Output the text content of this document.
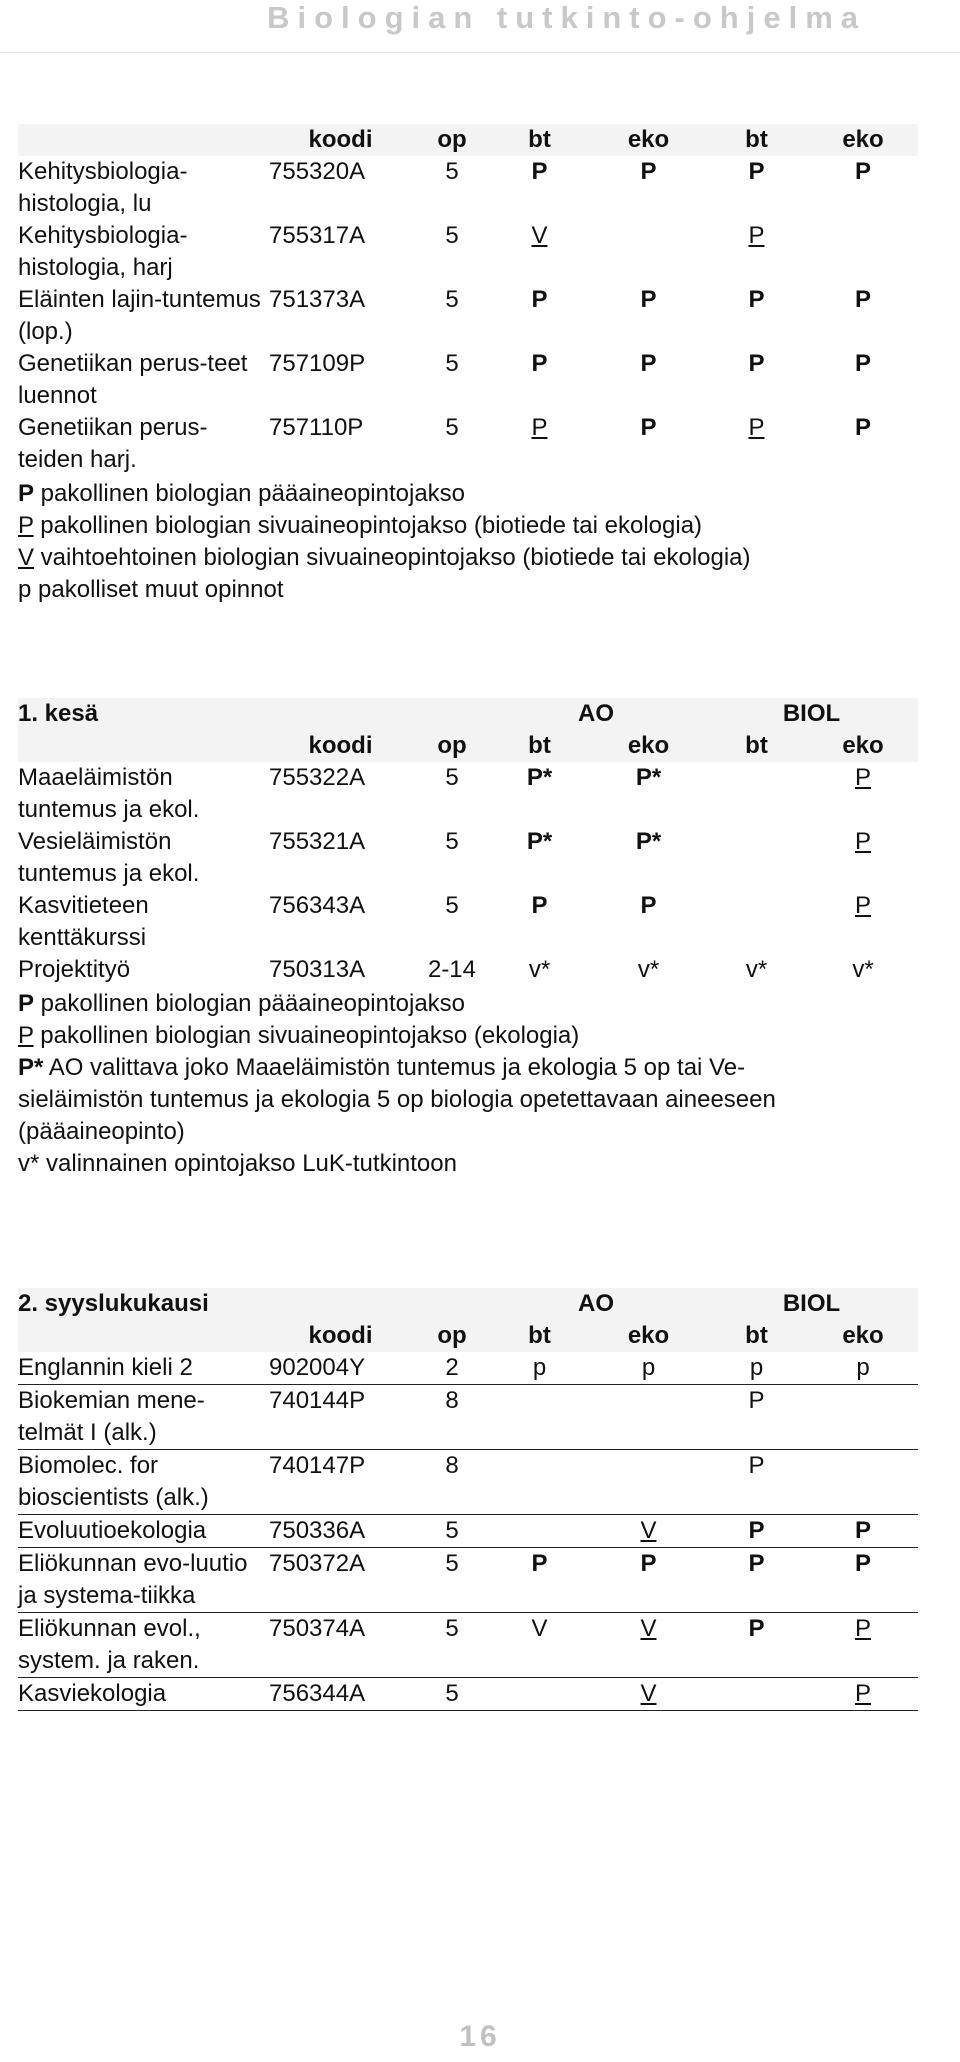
Biologian tutkinto-ohjelma
	koodi	op	bt	eko	bt	eko
Kehitysbiologia-histologia, lu	755320A	5	P	P	P	P
Kehitysbiologia-histologia, harj	755317A	5	V		P	
Eläinten lajin-tuntemus (lop.)	751373A	5	P	P	P	P
Genetiikan perus-teet luennot	757109P	5	P	P	P	P
Genetiikan perus-teiden harj.	757110P	5	P	P	P	P
P pakollinen biologian pääaineopintojakso
P pakollinen biologian sivuaineopintojakso (biotiede tai ekologia)
V vaihtoehtoinen biologian sivuaineopintojakso (biotiede tai ekologia)
p pakolliset muut opinnot
1. kesä			AO		BIOL	
	koodi	op	bt	eko	bt	eko
Maaeläimistön tuntemus ja ekol.	755322A	5	P*	P*		P
Vesieläimistön tuntemus ja ekol.	755321A	5	P*	P*		P
Kasvitieteen kenttäkurssi	756343A	5	P	P		P
Projektityö	750313A	2-14	v*	v*	v*	v*
P pakollinen biologian pääaineopintojakso
P pakollinen biologian sivuaineopintojakso (ekologia)
P* AO valittava joko Maaeläimistön tuntemus ja ekologia 5 op tai Ve-
sieläimistön tuntemus ja ekologia 5 op biologia opetettavaan aineeseen
(pääaineopinto)
v* valinnainen opintojakso LuK-tutkintoon
2. syyslukukausi			AO		BIOL	
	koodi	op	bt	eko	bt	eko
Englannin kieli 2	902004Y	2	p	p	p	p
Biokemian mene-telmät I (alk.)	740144P	8			P	
Biomolec. for bioscientists (alk.)	740147P	8			P	
Evoluutioekologia	750336A	5		V	P	P
Eliökunnan evo-luutio ja systema-tiikka	750372A	5	P	P	P	P
Eliökunnan evol., system. ja raken.	750374A	5	V	V	P	P
Kasviekologia	756344A	5		V		P
16
